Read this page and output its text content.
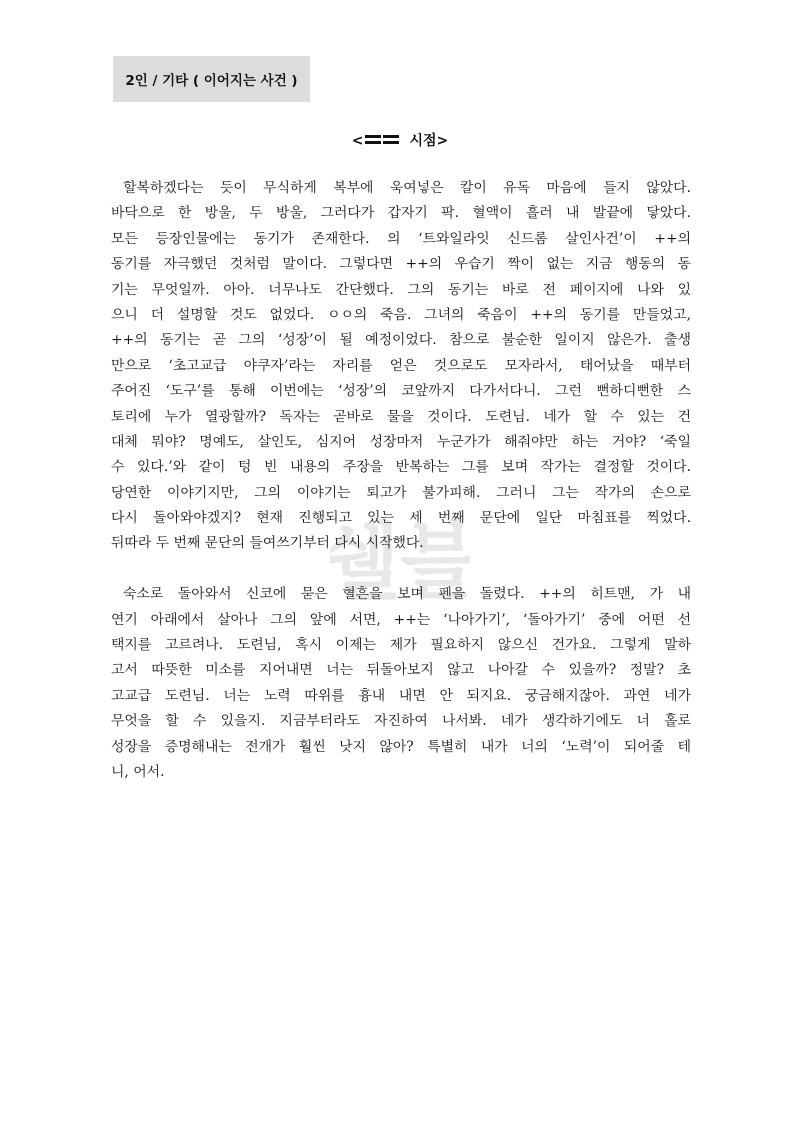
2인 / 기타 ( 이어지는 사건 )
<	시점>
쉘블
할복하겠다는 듯이 무식하게 복부에 욱여넣은 칼이 유독 마음에 들지 않았다.
바닥으로 한 방울, 두 방울, 그러다가 갑자기 팍. 혈액이 흘러 내 발끝에 닿았다.
모든 등장인물에는 동기가 존재한다. 의 ‘트와일라잇 신드롬 살인사건’이 ++의
동기를 자극했던 것처럼 말이다. 그렇다면 ++의 우습기 짝이 없는 지금 행동의 동
기는 무엇일까. 아아. 너무나도 간단했다. 그의 동기는 바로 전 페이지에 나와 있
으니 더 설명할 것도 없었다. ㅇㅇ의 죽음. 그녀의 죽음이 ++의 동기를 만들었고,
++의 동기는 곧 그의 ‘성장’이 될 예정이었다. 참으로 불순한 일이지 않은가. 출생
만으로 ‘초고교급 야쿠자’라는 자리를 얻은 것으로도 모자라서, 태어났을 때부터
주어진 ‘도구’를 통해 이번에는 ‘성장’의 코앞까지 다가서다니. 그런 뻔하디뻔한 스
토리에 누가 열광할까? 독자는 곧바로 물을 것이다. 도련님. 네가 할 수 있는 건
대체 뭐야? 명예도, 살인도, 심지어 성장마저 누군가가 해줘야만 하는 거야? ‘죽일
수 있다.’와 같이 텅 빈 내용의 주장을 반복하는 그를 보며 작가는 결정할 것이다.
당연한 이야기지만, 그의 이야기는 퇴고가 불가피해. 그러니 그는 작가의 손으로
다시 돌아와야겠지? 현재 진행되고 있는 세 번째 문단에 일단 마침표를 찍었다.
뒤따라 두 번째 문단의 들여쓰기부터 다시 시작했다.
숙소로 돌아와서 신코에 묻은 혈흔을 보며 펜을 돌렸다. ++의 히트맨, 가 내
연기 아래에서 살아나 그의 앞에 서면, ++는 ‘나아가기’, ‘돌아가기’ 중에 어떤 선
택지를 고르려나. 도련님, 혹시 이제는 제가 필요하지 않으신 건가요. 그렇게 말하
고서 따뜻한 미소를 지어내면 너는 뒤돌아보지 않고 나아갈 수 있을까? 정말? 초
고교급 도련님. 너는 노력 따위를 흉내 내면 안 되지요. 궁금해지잖아. 과연 네가
무엇을 할 수 있을지. 지금부터라도 자진하여 나서봐. 네가 생각하기에도 너 홀로
성장을 증명해내는 전개가 훨씬 낫지 않아? 특별히 내가 너의 ‘노력’이 되어줄 테
니, 어서.
